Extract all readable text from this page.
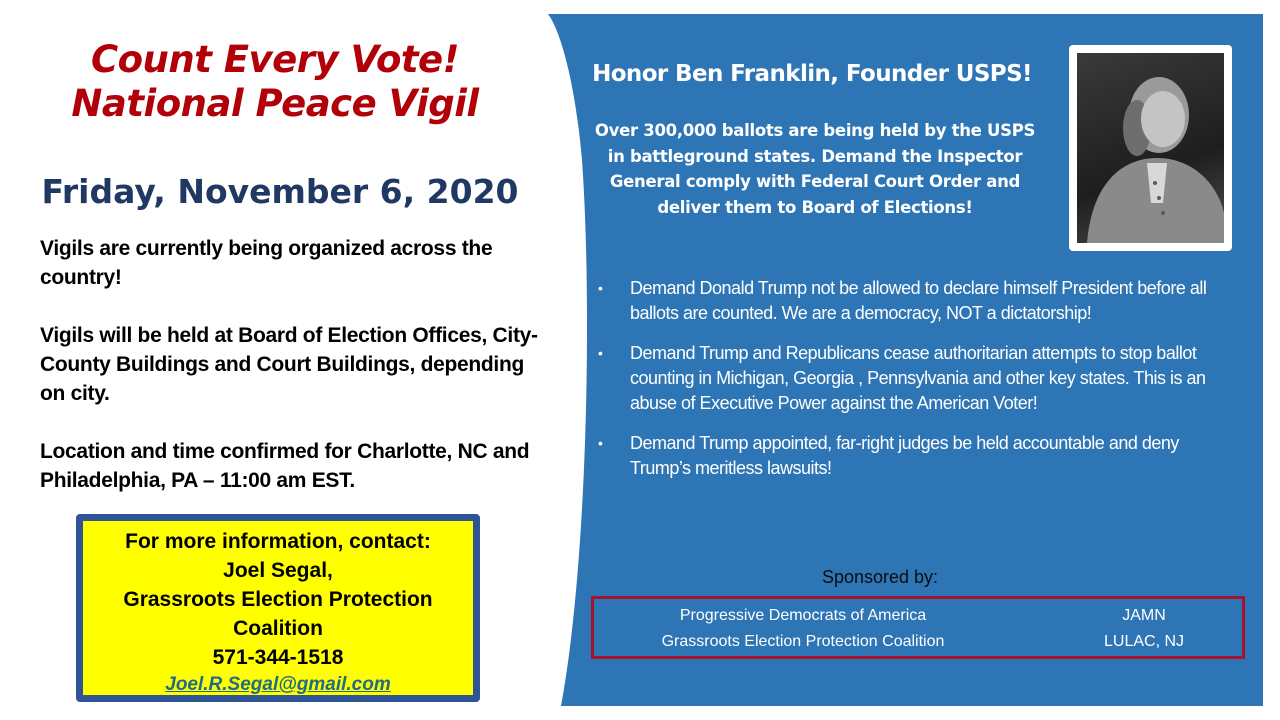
Count Every Vote!
National Peace Vigil
Friday, November 6, 2020

Vigils are currently being organized across the country!

Vigils will be held at Board of Election Offices, City-County Buildings and Court Buildings, depending on city.

Location and time confirmed for Charlotte, NC and Philadelphia, PA – 11:00 am EST.

For more information, contact:
Joel Segal,
Grassroots Election Protection
Coalition
571-344-1518
Joel.R.Segal@gmail.com
Honor Ben Franklin, Founder USPS!
Over 300,000 ballots are being held by the USPS in battleground states. Demand the Inspector General comply with Federal Court Order and deliver them to Board of Elections!
• Demand Donald Trump not be allowed to declare himself President before all ballots are counted. We are a democracy, NOT a dictatorship!
• Demand Trump and Republicans cease authoritarian attempts to stop ballot counting in Michigan, Georgia , Pennsylvania and other key states. This is an abuse of Executive Power against the American Voter!
• Demand Trump appointed, far-right judges be held accountable and deny Trump’s meritless lawsuits!
Sponsored by:
Progressive Democrats of America
Grassroots Election Protection Coalition
JAMN
LULAC, NJ
